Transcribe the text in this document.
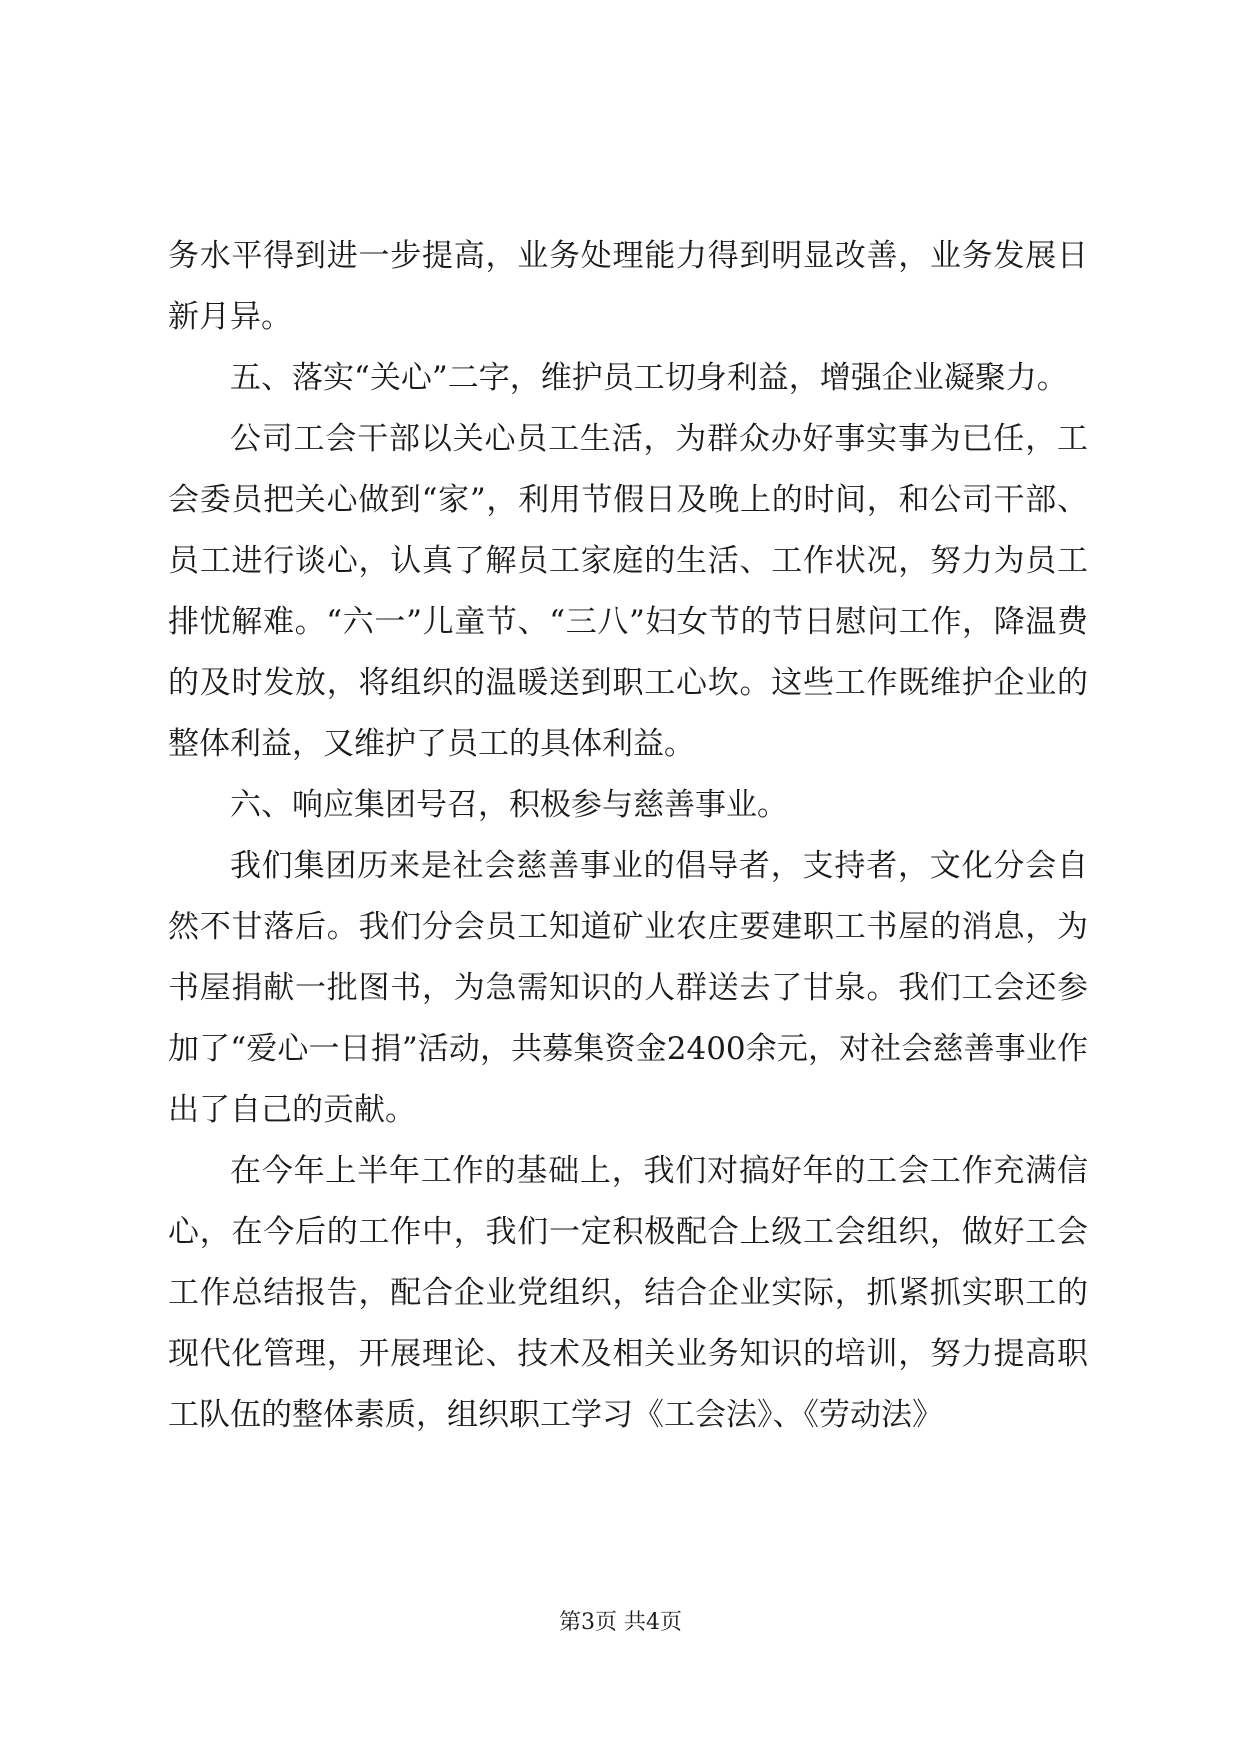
务水平得到进一步提高，业务处理能力得到明显改善，业务发展日新月异。

五、落实“关心”二字，维护员工切身利益，增强企业凝聚力。

公司工会干部以关心员工生活，为群众办好事实事为已任，工会委员把关心做到“家”，利用节假日及晚上的时间，和公司干部、员工进行谈心，认真了解员工家庭的生活、工作状况，努力为员工排忧解难。“六一”儿童节、“三八”妇女节的节日慰问工作，降温费的及时发放，将组织的温暖送到职工心坎。这些工作既维护企业的整体利益，又维护了员工的具体利益。

六、响应集团号召，积极参与慈善事业。

我们集团历来是社会慈善事业的倡导者，支持者，文化分会自然不甘落后。我们分会员工知道矿业农庄要建职工书屋的消息，为书屋捐献一批图书，为急需知识的人群送去了甘泉。我们工会还参加了“爱心一日捐”活动，共募集资金2400余元，对社会慈善事业作出了自己的贡献。

在今年上半年工作的基础上，我们对搞好年的工会工作充满信心，在今后的工作中，我们一定积极配合上级工会组织，做好工会工作总结报告，配合企业党组织，结合企业实际，抓紧抓实职工的现代化管理，开展理论、技术及相关业务知识的培训，努力提高职工队伍的整体素质，组织职工学习《工会法》、《劳动法》

第3页 共4页
